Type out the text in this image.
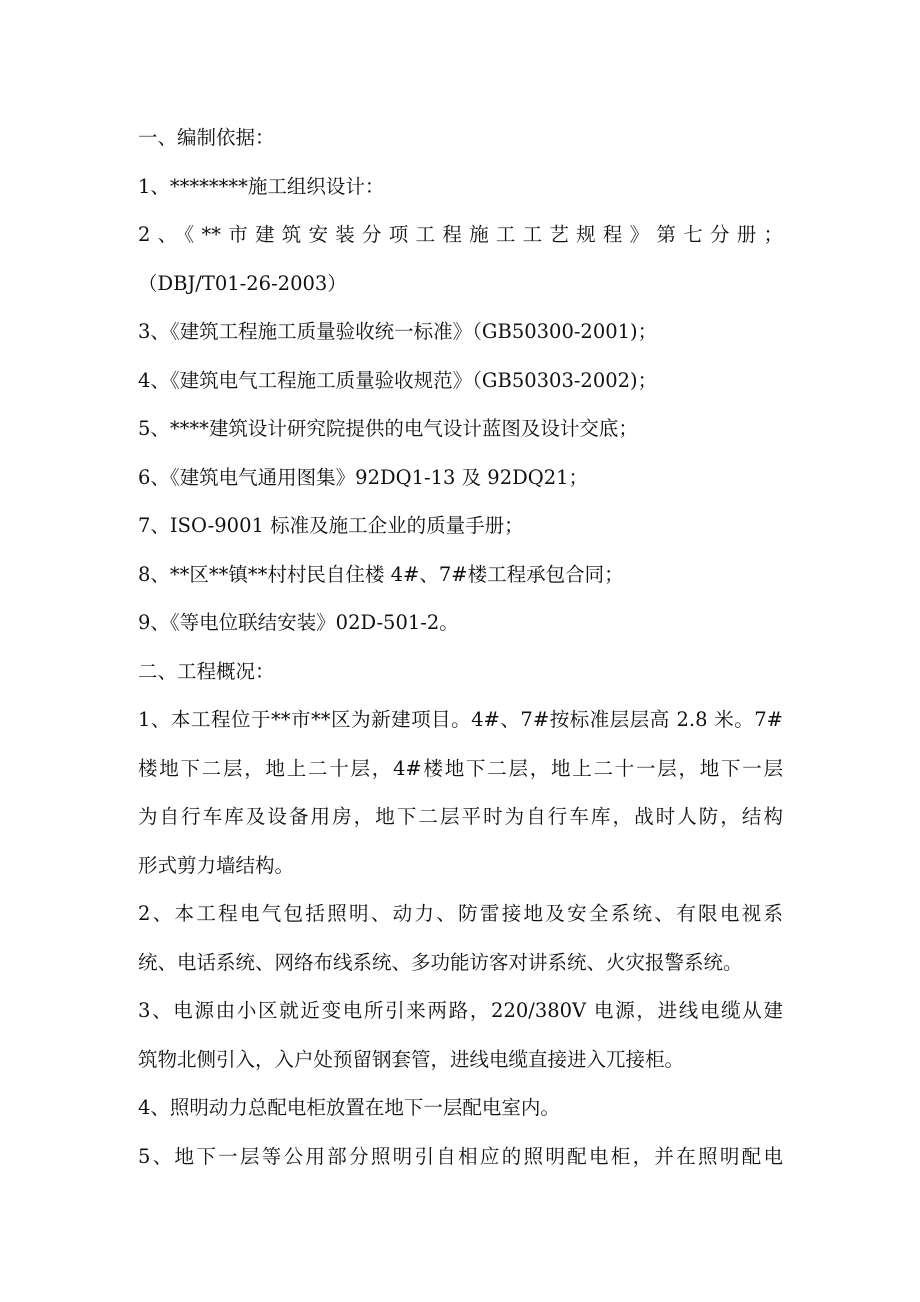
一、编制依据：
1、********施工组织设计：
2、《**市建筑安装分项工程施工工艺规程》第七分册；
（DBJ/T01-26-2003）
3、《建筑工程施工质量验收统一标准》（GB50300-2001)；
4、《建筑电气工程施工质量验收规范》（GB50303-2002)；
5、****建筑设计研究院提供的电气设计蓝图及设计交底；
6、《建筑电气通用图集》92DQ1-13 及 92DQ21；
7、ISO-9001 标准及施工企业的质量手册；
8、**区**镇**村村民自住楼 4#、7#楼工程承包合同；
9、《等电位联结安装》02D-501-2。
二、工程概况：
1、本工程位于**市**区为新建项目。4#、7#按标准层层高 2.8 米。7#
楼地下二层，地上二十层，4#楼地下二层，地上二十一层，地下一层
为自行车库及设备用房，地下二层平时为自行车库，战时人防，结构
形式剪力墙结构。
2、本工程电气包括照明、动力、防雷接地及安全系统、有限电视系
统、电话系统、网络布线系统、多功能访客对讲系统、火灾报警系统。
3、电源由小区就近变电所引来两路，220/380V 电源，进线电缆从建
筑物北侧引入，入户处预留钢套管，进线电缆直接进入兀接柜。
4、照明动力总配电柜放置在地下一层配电室内。
5、地下一层等公用部分照明引自相应的照明配电柜，并在照明配电
